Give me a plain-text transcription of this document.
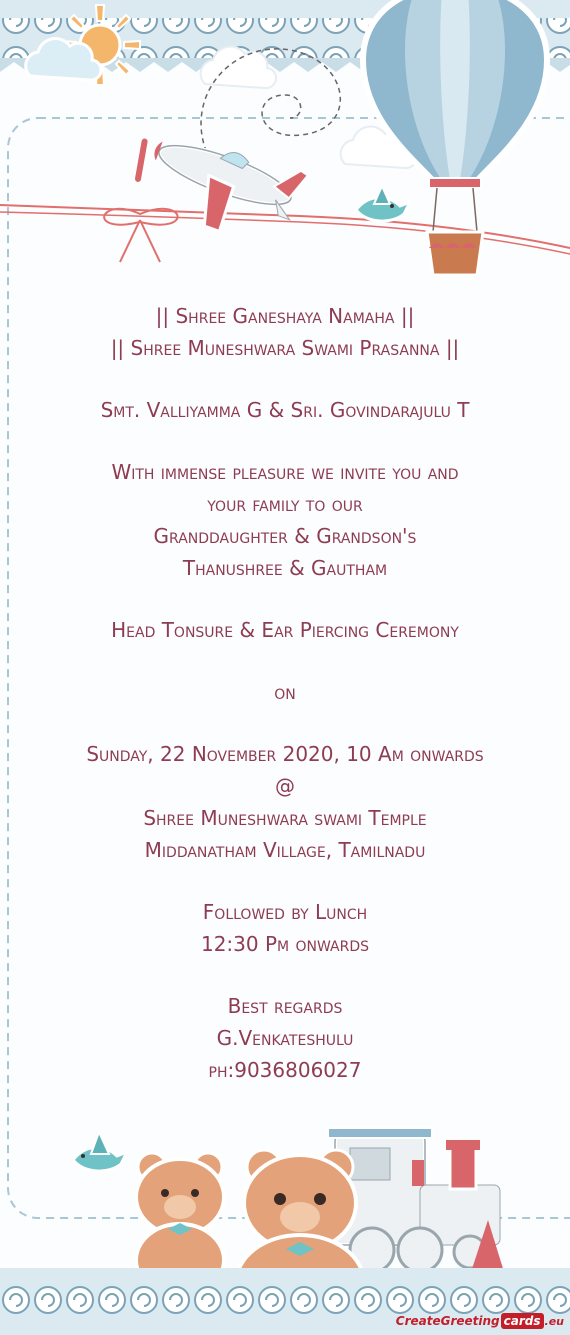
|| Shree Ganeshaya Namaha ||
|| Shree Muneshwara Swami Prasanna ||
Smt. Valliyamma G & Sri. Govindarajulu T
With immense pleasure we invite you and
your family to our
Granddaughter & Grandson's
Thanushree & Gautham
Head Tonsure & Ear Piercing Ceremony
on
Sunday, 22 November 2020, 10 Am onwards
@
Shree Muneshwara swami Temple
Middanatham Village, Tamilnadu
Followed by Lunch
12:30 Pm onwards
Best regards
G.Venkateshulu
ph:9036806027
CreateGreeting cards .eu
